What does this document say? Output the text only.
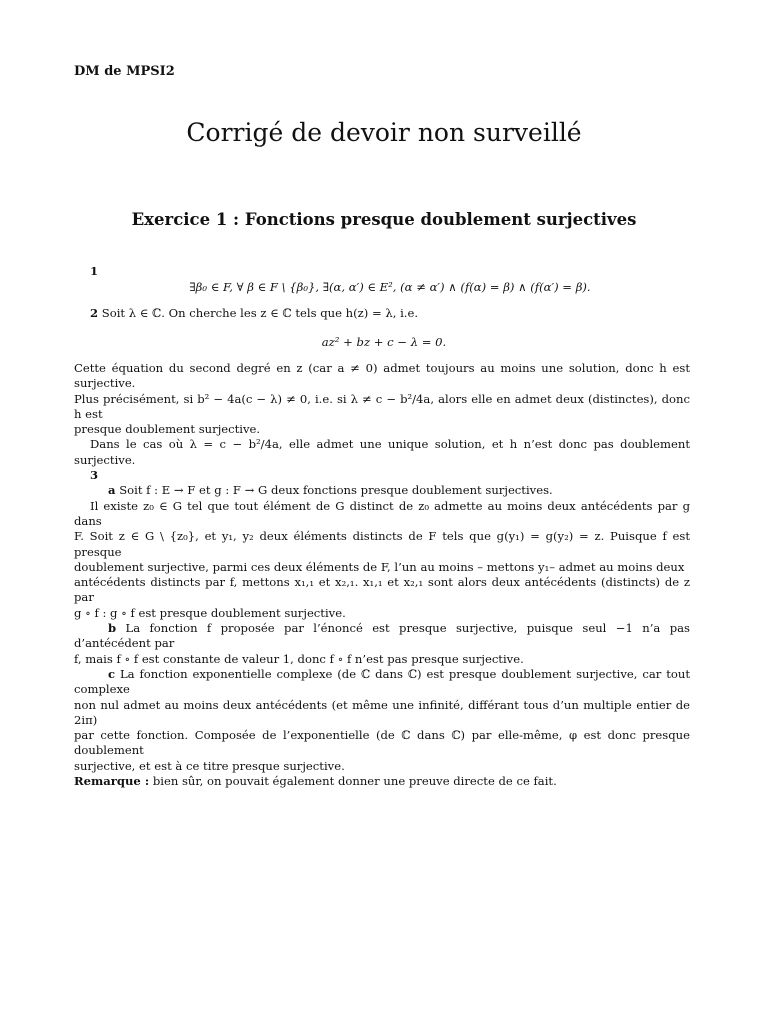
DM de MPSI2
Corrigé de devoir non surveillé
Exercice 1 : Fonctions presque doublement surjectives
1
∃β₀ ∈ F, ∀ β ∈ F \ {β₀}, ∃(α, α′) ∈ E², (α ≠ α′) ∧ (f(α) = β) ∧ (f(α′) = β).
2 Soit λ ∈ ℂ. On cherche les z ∈ ℂ tels que h(z) = λ, i.e.
az² + bz + c − λ = 0.

Cette équation du second degré en z (car a ≠ 0) admet toujours au moins une solution, donc h est surjective.

Plus précisément, si b² − 4a(c − λ) ≠ 0, i.e. si λ ≠ c − b²/4a, alors elle en admet deux (distinctes), donc h est

presque doublement surjective.

Dans le cas où λ = c − b²/4a, elle admet une unique solution, et h n’est donc pas doublement surjective.

3

a Soit f : E → F et g : F → G deux fonctions presque doublement surjectives.

Il existe z₀ ∈ G tel que tout élément de G distinct de z₀ admette au moins deux antécédents par g dans

F. Soit z ∈ G \ {z₀}, et y₁, y₂ deux éléments distincts de F tels que g(y₁) = g(y₂) = z. Puisque f est presque

doublement surjective, parmi ces deux éléments de F, l’un au moins – mettons y₁– admet au moins deux

antécédents distincts par f, mettons x₁,₁ et x₂,₁. x₁,₁ et x₂,₁ sont alors deux antécédents (distincts) de z par

g ∘ f : g ∘ f est presque doublement surjective.

b La fonction f proposée par l’énoncé est presque surjective, puisque seul −1 n’a pas d’antécédent par

f, mais f ∘ f est constante de valeur 1, donc f ∘ f n’est pas presque surjective.

c La fonction exponentielle complexe (de ℂ dans ℂ) est presque doublement surjective, car tout complexe

non nul admet au moins deux antécédents (et même une infinité, différant tous d’un multiple entier de 2iπ)

par cette fonction. Composée de l’exponentielle (de ℂ dans ℂ) par elle-même, φ est donc presque doublement

surjective, et est à ce titre presque surjective.

Remarque : bien sûr, on pouvait également donner une preuve directe de ce fait.
